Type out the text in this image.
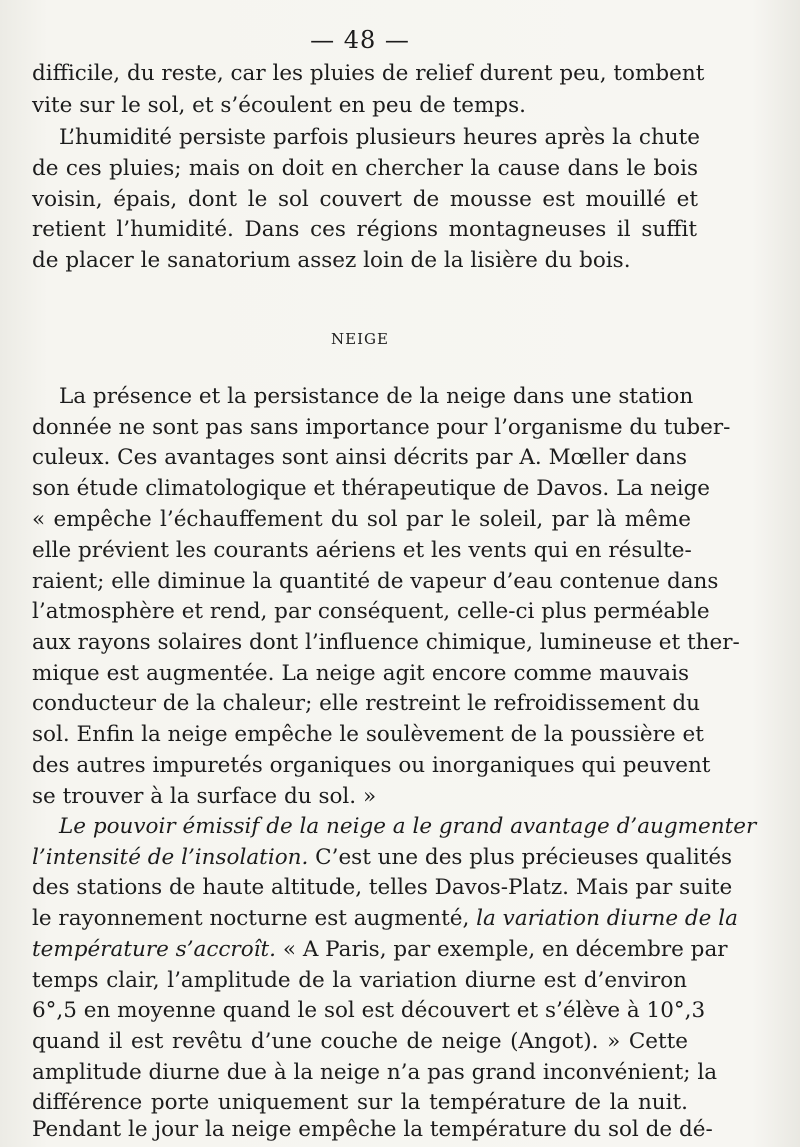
— 48 —
difficile, du reste, car les pluies de relief durent peu, tombent
vite sur le sol, et s’écoulent en peu de temps.
L’humidité persiste parfois plusieurs heures après la chute
de ces pluies; mais on doit en chercher la cause dans le bois
voisin, épais, dont le sol couvert de mousse est mouillé et
retient l’humidité. Dans ces régions montagneuses il suffit
de placer le sanatorium assez loin de la lisière du bois.
NEIGE
La présence et la persistance de la neige dans une station
donnée ne sont pas sans importance pour l’organisme du tuber-
culeux. Ces avantages sont ainsi décrits par A. Mœller dans
son étude climatologique et thérapeutique de Davos. La neige
« empêche l’échauffement du sol par le soleil, par là même
elle prévient les courants aériens et les vents qui en résulte-
raient; elle diminue la quantité de vapeur d’eau contenue dans
l’atmosphère et rend, par conséquent, celle-ci plus perméable
aux rayons solaires dont l’influence chimique, lumineuse et ther-
mique est augmentée. La neige agit encore comme mauvais
conducteur de la chaleur; elle restreint le refroidissement du
sol. Enfin la neige empêche le soulèvement de la poussière et
des autres impuretés organiques ou inorganiques qui peuvent
se trouver à la surface du sol. »
Le pouvoir émissif de la neige a le grand avantage d’augmenter
l’intensité de l’insolation. C’est une des plus précieuses qualités
des stations de haute altitude, telles Davos-Platz. Mais par suite
le rayonnement nocturne est augmenté, la variation diurne de la
température s’accroît. « A Paris, par exemple, en décembre par
temps clair, l’amplitude de la variation diurne est d’environ
6°,5 en moyenne quand le sol est découvert et s’élève à 10°,3
quand il est revêtu d’une couche de neige (Angot). » Cette
amplitude diurne due à la neige n’a pas grand inconvénient; la
différence porte uniquement sur la température de la nuit.
Pendant le jour la neige empêche la température du sol de dé-
